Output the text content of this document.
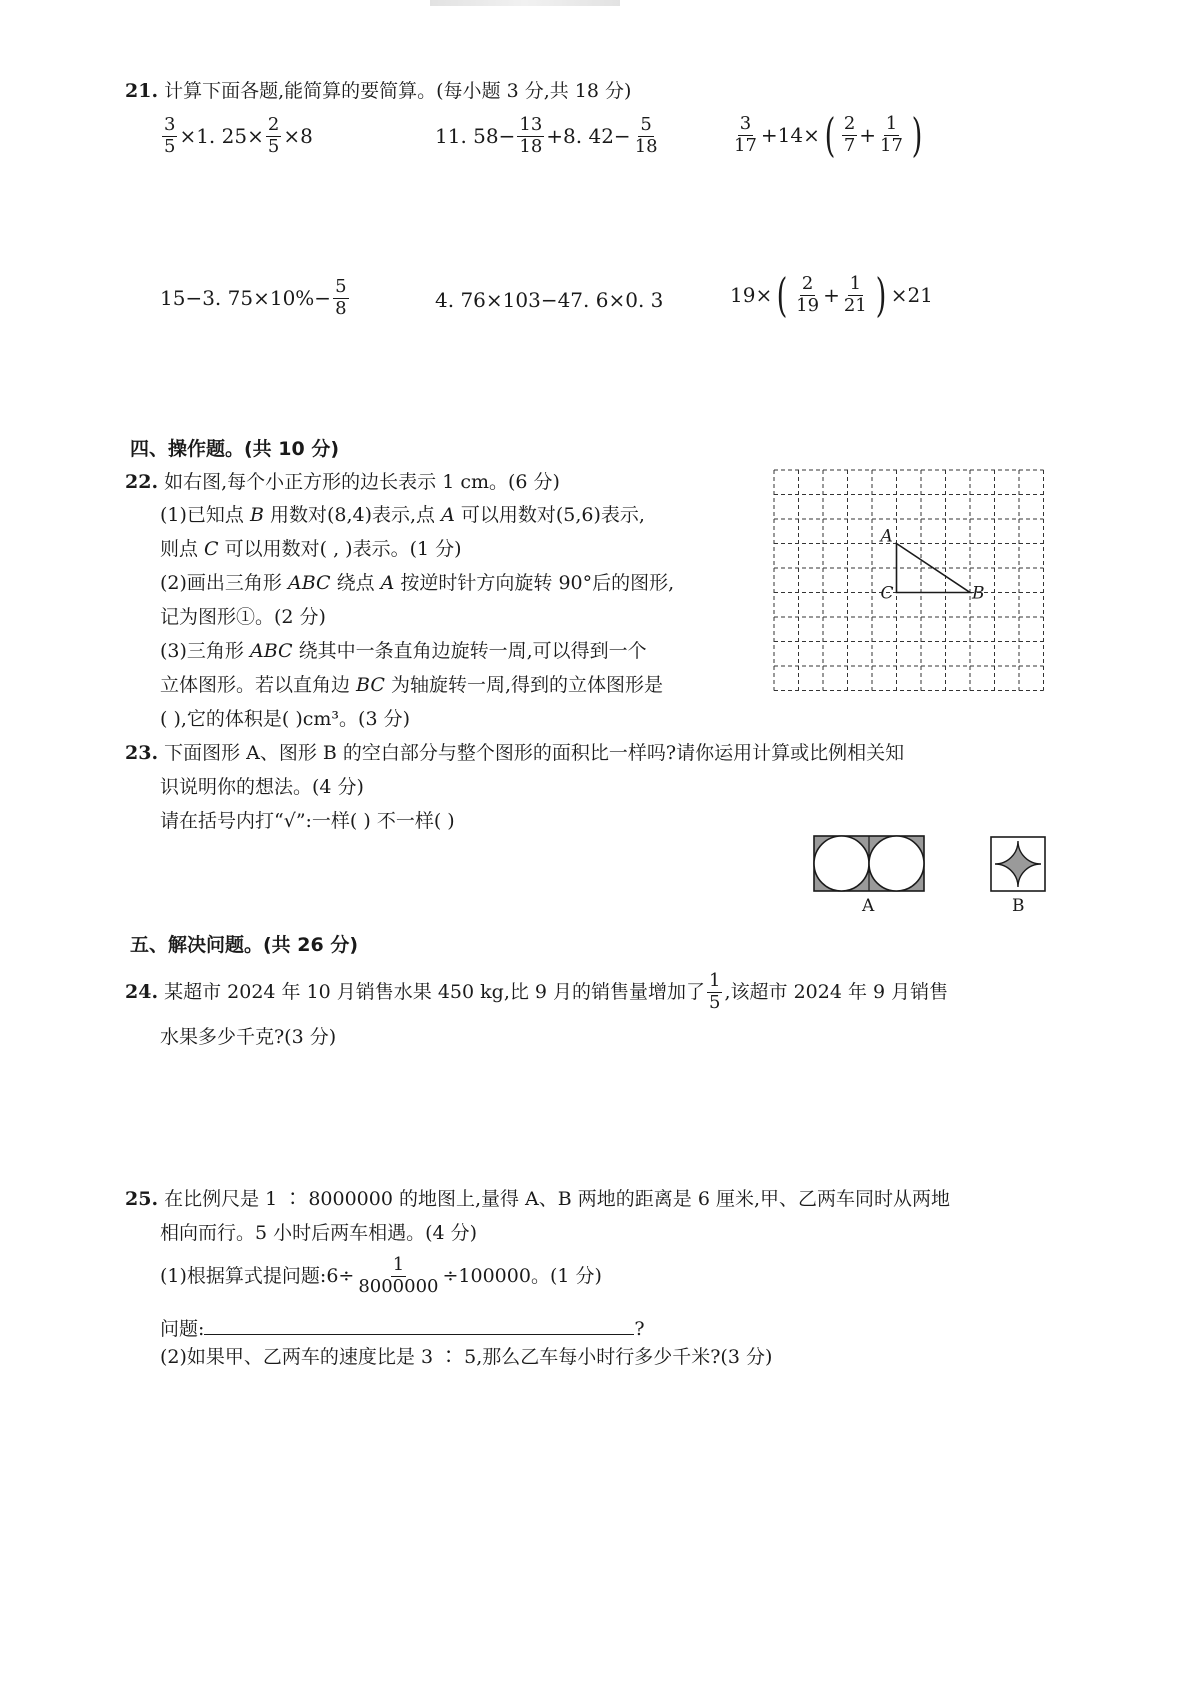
21. 计算下面各题,能简算的要简算。(每小题 3 分,共 18 分)
$\frac{3}{5} \times 1$. $25\times \frac{2}{5} \times 8$	11. $58- \frac{13}{18} +8$. $42- \frac{5}{18}$	$\frac{3}{17} +14\times$ ( $\frac{2}{7} + \frac{1}{17}$ )
15−3. $75\times 10\%- \frac{5}{8}$	4. 76×103−47. 6×0. 3	19× ( $\frac{2}{19} + \frac{1}{21}$ ) ×21
四、操作题。(共 10 分)
22. 如右图,每个小正方形的边长表示 1 cm。(6 分)
(1)已知点 B 用数对(8,4)表示,点 A 可以用数对(5,6)表示,
则点 C 可以用数对( , )表示。(1 分)
(2)画出三角形 ABC 绕点 A 按逆时针方向旋转 90°后的图形,
记为图形①。(2 分)
(3)三角形 ABC 绕其中一条直角边旋转一周,可以得到一个
立体图形。若以直角边 BC 为轴旋转一周,得到的立体图形是
( ),它的体积是( )cm³。(3 分)
A
B
C
23. 下面图形 A、图形 B 的空白部分与整个图形的面积比一样吗?请你运用计算或比例相关知
识说明你的想法。(4 分)
请在括号内打“√”:一样( ) 不一样( )
A	B
五、解决问题。(共 26 分)
24.
某超市 2024 年 10 月销售水果 450 kg,比 9 月的销售量增加了 $\frac{1}{5}$ ,该超市 2024 年 9 月销售
水果多少千克?(3 分)
25. 在比例尺是 1 ∶ 8000000 的地图上,量得 A、B 两地的距离是 6 厘米,甲、乙两车同时从两地
相向而行。5 小时后两车相遇。(4 分)
(1)根据算式提问题:6÷ $\frac{1}{8000000} \div 100000$。(1 分)
问题:	?
(2)如果甲、乙两车的速度比是 3 ∶ 5,那么乙车每小时行多少千米?(3 分)
